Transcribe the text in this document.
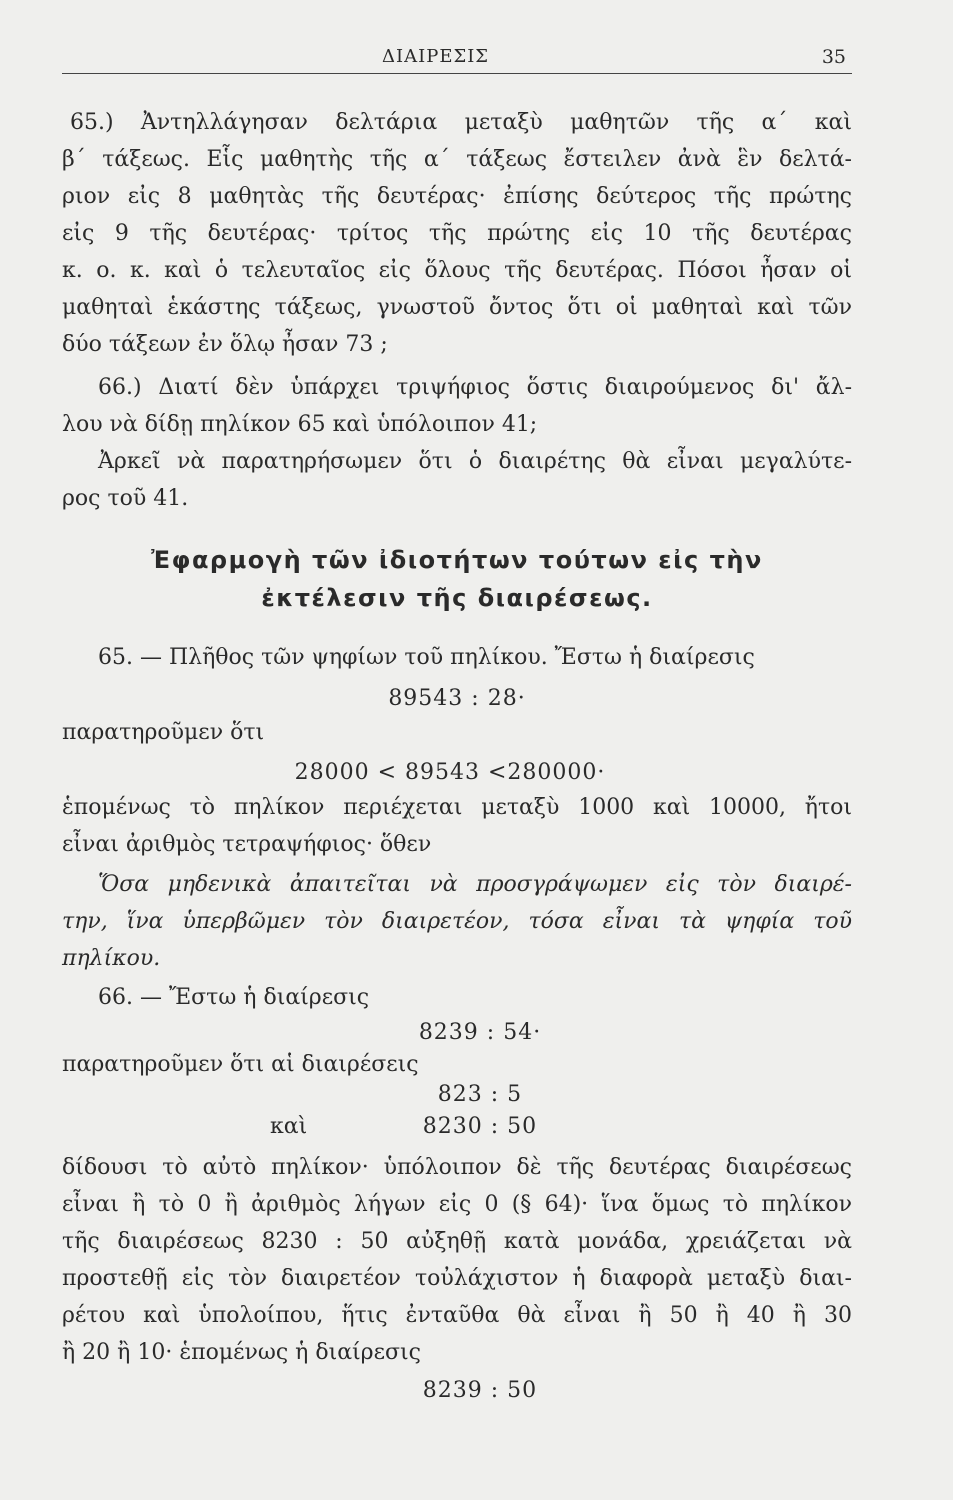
ΔΙΑΙΡΕΣΙΣ	35
65.) Ἀντηλλάγησαν δελτάρια μεταξὺ μαθητῶν τῆς α΄ καὶ
β΄ τάξεως. Εἷς μαθητὴς τῆς α΄ τάξεως ἔστειλεν ἀνὰ ἓν δελτά-
ριον εἰς 8 μαθητὰς τῆς δευτέρας· ἐπίσης δεύτερος τῆς πρώτης
εἰς 9 τῆς δευτέρας· τρίτος τῆς πρώτης εἰς 10 τῆς δευτέρας
κ. ο. κ. καὶ ὁ τελευταῖος εἰς ὅλους τῆς δευτέρας. Πόσοι ἦσαν οἱ
μαθηταὶ ἑκάστης τάξεως, γνωστοῦ ὄντος ὅτι οἱ μαθηταὶ καὶ τῶν
δύο τάξεων ἐν ὅλῳ ἦσαν 73 ;
66.) Διατί δὲν ὑπάρχει τριψήφιος ὅστις διαιρούμενος δι' ἄλ-
λου νὰ δίδῃ πηλίκον 65 καὶ ὑπόλοιπον 41;
Ἀρκεῖ νὰ παρατηρήσωμεν ὅτι ὁ διαιρέτης θὰ εἶναι μεγαλύτε-
ρος τοῦ 41.
Ἐφαρμογὴ τῶν ἰδιοτήτων τούτων εἰς τὴν
ἐκτέλεσιν τῆς διαιρέσεως.
65. — Πλῆθος τῶν ψηφίων τοῦ πηλίκου. Ἔστω ἡ διαίρεσις
89543 : 28·
παρατηροῦμεν ὅτι
28000 < 89543 <280000·
ἑπομένως τὸ πηλίκον περιέχεται μεταξὺ 1000 καὶ 10000, ἤτοι
εἶναι ἀριθμὸς τετραψήφιος· ὅθεν
Ὅσα μηδενικὰ ἀπαιτεῖται νὰ προσγράψωμεν εἰς τὸν διαιρέ-
την, ἵνα ὑπερβῶμεν τὸν διαιρετέον, τόσα εἶναι τὰ ψηφία τοῦ
πηλίκου.
66. — Ἔστω ἡ διαίρεσις
8239 : 54·
παρατηροῦμεν ὅτι αἱ διαιρέσεις
823 : 5
καὶ	8230 : 50
δίδουσι τὸ αὐτὸ πηλίκον· ὑπόλοιπον δὲ τῆς δευτέρας διαιρέσεως
εἶναι ἢ τὸ 0 ἢ ἀριθμὸς λήγων εἰς 0 (§ 64)· ἵνα ὅμως τὸ πηλίκον
τῆς διαιρέσεως 8230 : 50 αὐξηθῇ κατὰ μονάδα, χρειάζεται νὰ
προστεθῇ εἰς τὸν διαιρετέον τοὐλάχιστον ἡ διαφορὰ μεταξὺ διαι-
ρέτου καὶ ὑπολοίπου, ἥτις ἐνταῦθα θὰ εἶναι ἢ 50 ἢ 40 ἢ 30
ἢ 20 ἢ 10· ἑπομένως ἡ διαίρεσις
8239 : 50
